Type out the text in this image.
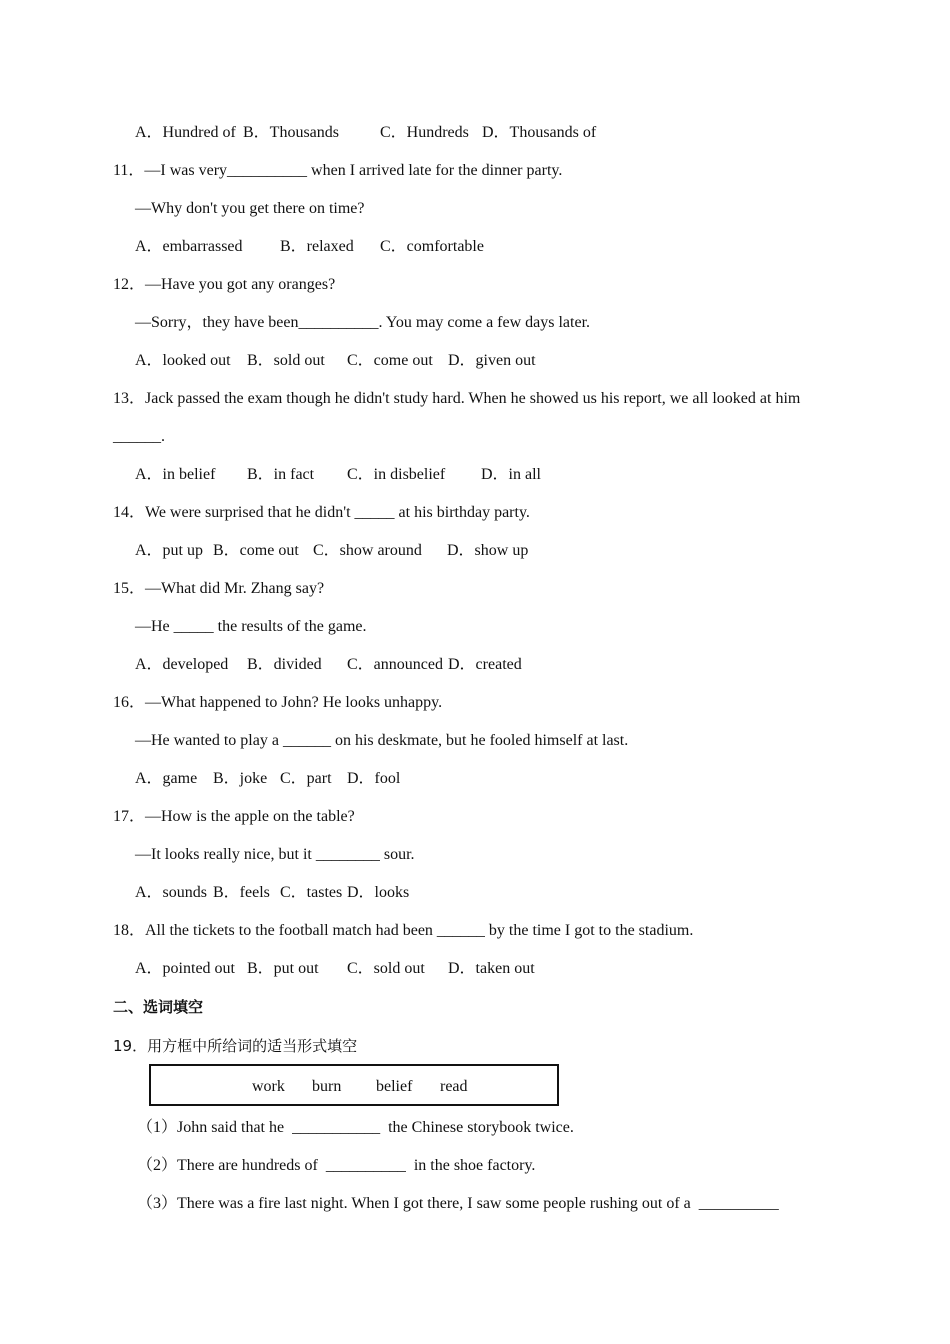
A．Hundred of B．Thousands	C．Hundreds D．Thousands of
11．—I was very__________ when I arrived late for the dinner party.
—Why don't you get there on time?
A．embarrassed B．relaxed C．comfortable
12．—Have you got any oranges?
—Sorry，they have been__________. You may come a few days later.
A．looked out B．sold out C．come out D．given out
13．Jack passed the exam though he didn't study hard. When he showed us his report, we all looked at him
______.
A．in belief B．in fact C．in disbelief D．in all
14．We were surprised that he didn't _____ at his birthday party.
A．put up B．come out C．show around D．show up
15．—What did Mr. Zhang say?
—He _____ the results of the game.
A．developed B．divided C．announced D．created
16．—What happened to John? He looks unhappy.
—He wanted to play a ______ on his deskmate, but he fooled himself at last.
A．game B．joke C．part D．fool
17．—How is the apple on the table?
—It looks really nice, but it ________ sour.
A．sounds B．feels C．tastes D．looks
18．All the tickets to the football match had been ______ by the time I got to the stadium.
A．pointed out B．put out C．sold out D．taken out
二、选词填空
19．用方框中所给词的适当形式填空
work burn belief read
（1）John said that he  ___________  the Chinese storybook twice.
（2）There are hundreds of  __________  in the shoe factory.
（3）There was a fire last night. When I got there, I saw some people rushing out of a  __________
